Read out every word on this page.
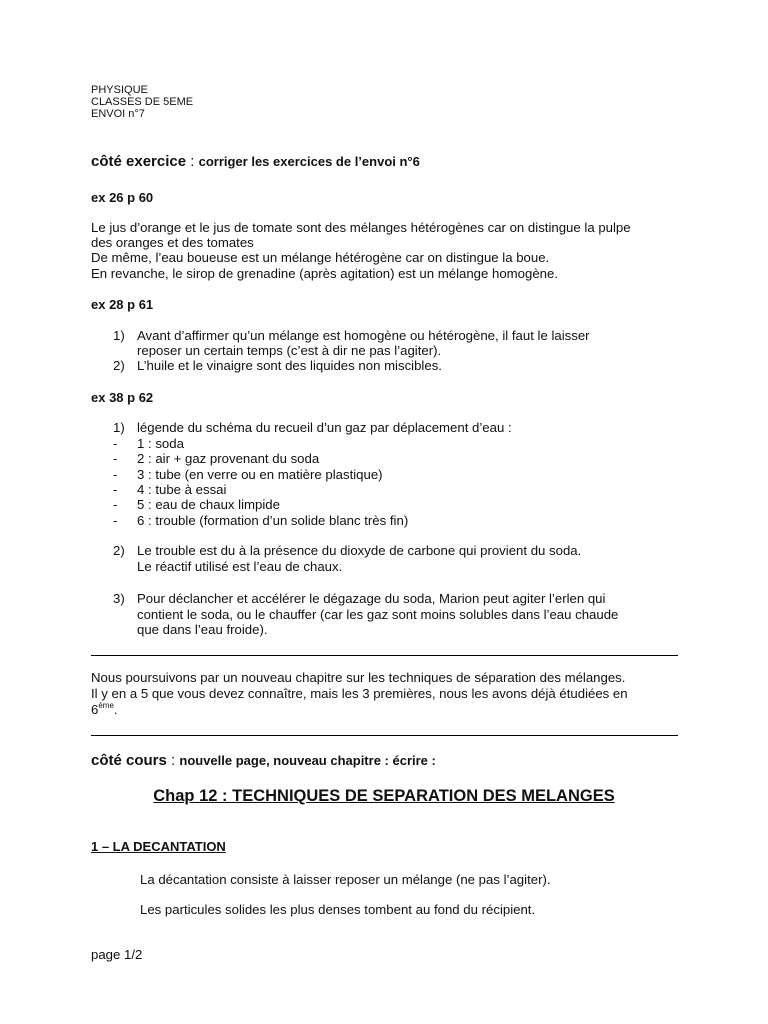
PHYSIQUE
CLASSES DE 5EME
ENVOI n°7
côté exercice : corriger les exercices de l’envoi n°6
ex 26 p 60
Le jus d’orange et le jus de tomate sont des mélanges hétérogènes car on distingue la pulpe
des oranges et des tomates
De même, l’eau boueuse est un mélange hétérogène car on distingue la boue.
En revanche, le sirop de grenadine (après agitation) est un mélange homogène.
ex 28 p 61
1) Avant d’affirmer qu’un mélange est homogène ou hétérogène, il faut le laisser
reposer un certain temps (c’est à dir ne pas l’agiter).
2) L’huile et le vinaigre sont des liquides non miscibles.
ex 38 p 62
1) légende du schéma du recueil d’un gaz par déplacement d’eau :
- 1 : soda
- 2 : air + gaz provenant du soda
- 3 : tube (en verre ou en matière plastique)
- 4 : tube à essai
- 5 : eau de chaux limpide
- 6 : trouble (formation d’un solide blanc très fin)
2) Le trouble est du à la présence du dioxyde de carbone qui provient du soda.
Le réactif utilisé est l’eau de chaux.
3) Pour déclancher et accélérer le dégazage du soda, Marion peut agiter l’erlen qui
contient le soda, ou le chauffer (car les gaz sont moins solubles dans l’eau chaude
que dans l’eau froide).
Nous poursuivons par un nouveau chapitre sur les techniques de séparation des mélanges.
Il y en a 5 que vous devez connaître, mais les 3 premières, nous les avons déjà étudiées en
6ème.
côté cours : nouvelle page, nouveau chapitre : écrire :
Chap 12 : TECHNIQUES DE SEPARATION DES MELANGES
1 – LA DECANTATION
La décantation consiste à laisser reposer un mélange (ne pas l’agiter).
Les particules solides les plus denses tombent au fond du récipient.
page 1/2
